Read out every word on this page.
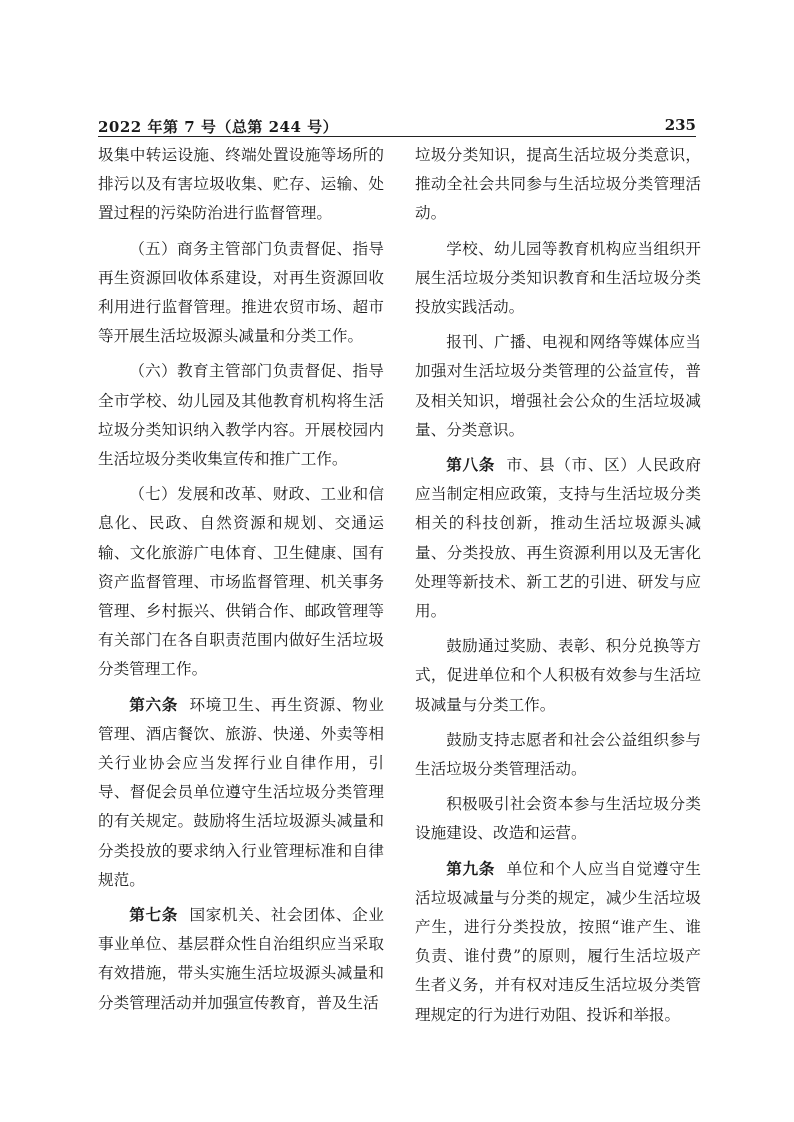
2022 年第 7 号（总第 244 号）	235

圾集中转运设施、终端处置设施等场所的排污以及有害垃圾收集、贮存、运输、处置过程的污染防治进行监督管理。

（五）商务主管部门负责督促、指导再生资源回收体系建设，对再生资源回收利用进行监督管理。推进农贸市场、超市等开展生活垃圾源头减量和分类工作。

（六）教育主管部门负责督促、指导全市学校、幼儿园及其他教育机构将生活垃圾分类知识纳入教学内容。开展校园内生活垃圾分类收集宣传和推广工作。

（七）发展和改革、财政、工业和信息化、民政、自然资源和规划、交通运输、文化旅游广电体育、卫生健康、国有资产监督管理、市场监督管理、机关事务管理、乡村振兴、供销合作、邮政管理等有关部门在各自职责范围内做好生活垃圾分类管理工作。

第六条 环境卫生、再生资源、物业管理、酒店餐饮、旅游、快递、外卖等相关行业协会应当发挥行业自律作用，引导、督促会员单位遵守生活垃圾分类管理的有关规定。鼓励将生活垃圾源头减量和分类投放的要求纳入行业管理标准和自律规范。

第七条 国家机关、社会团体、企业事业单位、基层群众性自治组织应当采取有效措施，带头实施生活垃圾源头减量和分类管理活动并加强宣传教育，普及生活

垃圾分类知识，提高生活垃圾分类意识，推动全社会共同参与生活垃圾分类管理活动。

学校、幼儿园等教育机构应当组织开展生活垃圾分类知识教育和生活垃圾分类投放实践活动。

报刊、广播、电视和网络等媒体应当加强对生活垃圾分类管理的公益宣传，普及相关知识，增强社会公众的生活垃圾减量、分类意识。

第八条 市、县（市、区）人民政府应当制定相应政策，支持与生活垃圾分类相关的科技创新，推动生活垃圾源头减量、分类投放、再生资源利用以及无害化处理等新技术、新工艺的引进、研发与应用。

鼓励通过奖励、表彰、积分兑换等方式，促进单位和个人积极有效参与生活垃圾减量与分类工作。

鼓励支持志愿者和社会公益组织参与生活垃圾分类管理活动。

积极吸引社会资本参与生活垃圾分类设施建设、改造和运营。

第九条 单位和个人应当自觉遵守生活垃圾减量与分类的规定，减少生活垃圾产生，进行分类投放，按照“谁产生、谁负责、谁付费”的原则，履行生活垃圾产生者义务，并有权对违反生活垃圾分类管理规定的行为进行劝阻、投诉和举报。
